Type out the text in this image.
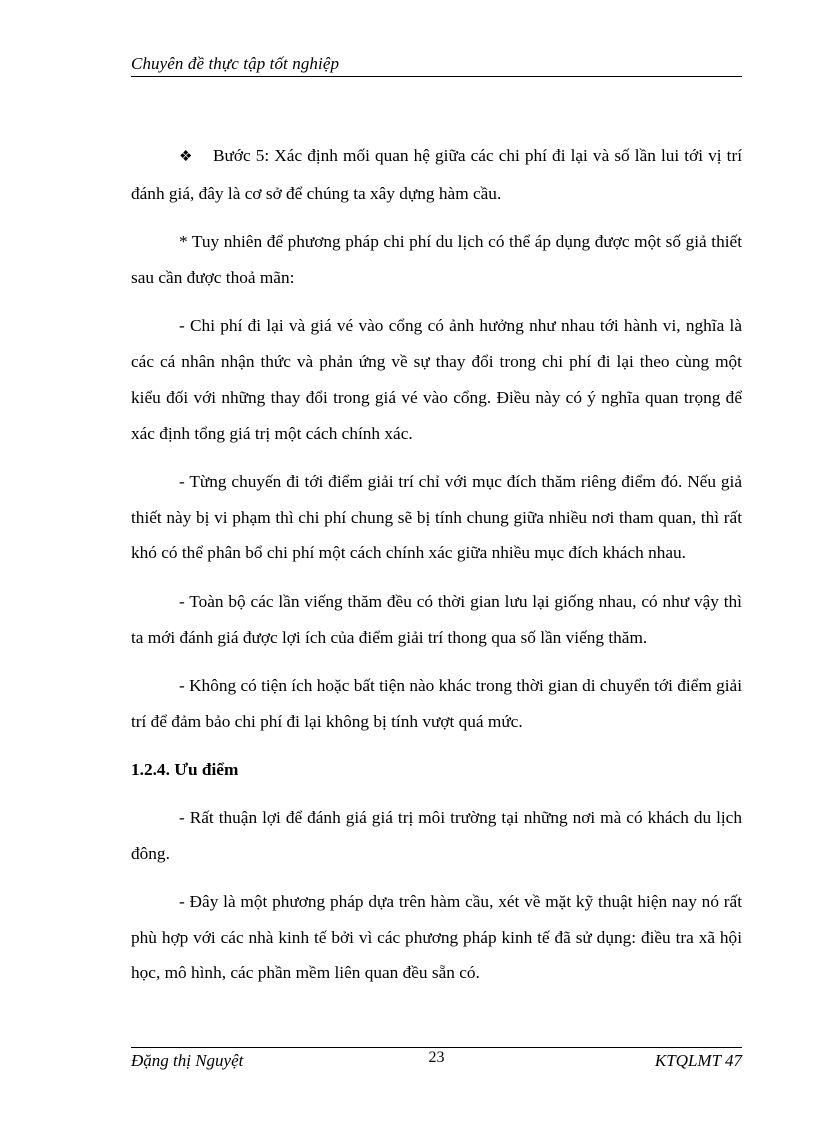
Chuyên đề thực tập tốt nghiệp

❖ Bước 5: Xác định mối quan hệ giữa các chi phí đi lại và số lần lui tới vị trí đánh giá, đây là cơ sở để chúng ta xây dựng hàm cầu.

* Tuy nhiên để phương pháp chi phí du lịch có thể áp dụng được một số giả thiết sau cần được thoả mãn:

- Chi phí đi lại và giá vé vào cổng có ảnh hưởng như nhau tới hành vi, nghĩa là các cá nhân nhận thức và phản ứng về sự thay đổi trong chi phí đi lại theo cùng một kiểu đối với những thay đổi trong giá vé vào cổng. Điều này có ý nghĩa quan trọng để xác định tổng giá trị một cách chính xác.

- Từng chuyến đi tới điểm giải trí chỉ với mục đích thăm riêng điểm đó. Nếu giả thiết này bị vi phạm thì chi phí chung sẽ bị tính chung giữa nhiều nơi tham quan, thì rất khó có thể phân bổ chi phí một cách chính xác giữa nhiều mục đích khách nhau.

- Toàn bộ các lần viếng thăm đều có thời gian lưu lại giống nhau, có như vậy thì ta mới đánh giá được lợi ích của điểm giải trí thong qua số lần viếng thăm.

- Không có tiện ích hoặc bất tiện nào khác trong thời gian di chuyển tới điểm giải trí để đảm bảo chi phí đi lại không bị tính vượt quá mức.

1.2.4. Ưu điểm

- Rất thuận lợi để đánh giá giá trị môi trường tại những nơi mà có khách du lịch đông.

- Đây là một phương pháp dựa trên hàm cầu, xét về mặt kỹ thuật hiện nay nó rất phù hợp với các nhà kinh tế bởi vì các phương pháp kinh tế đã sử dụng: điều tra xã hội học, mô hình, các phần mềm liên quan đều sẵn có.

Đặng thị Nguyệt	23	KTQLMT 47
